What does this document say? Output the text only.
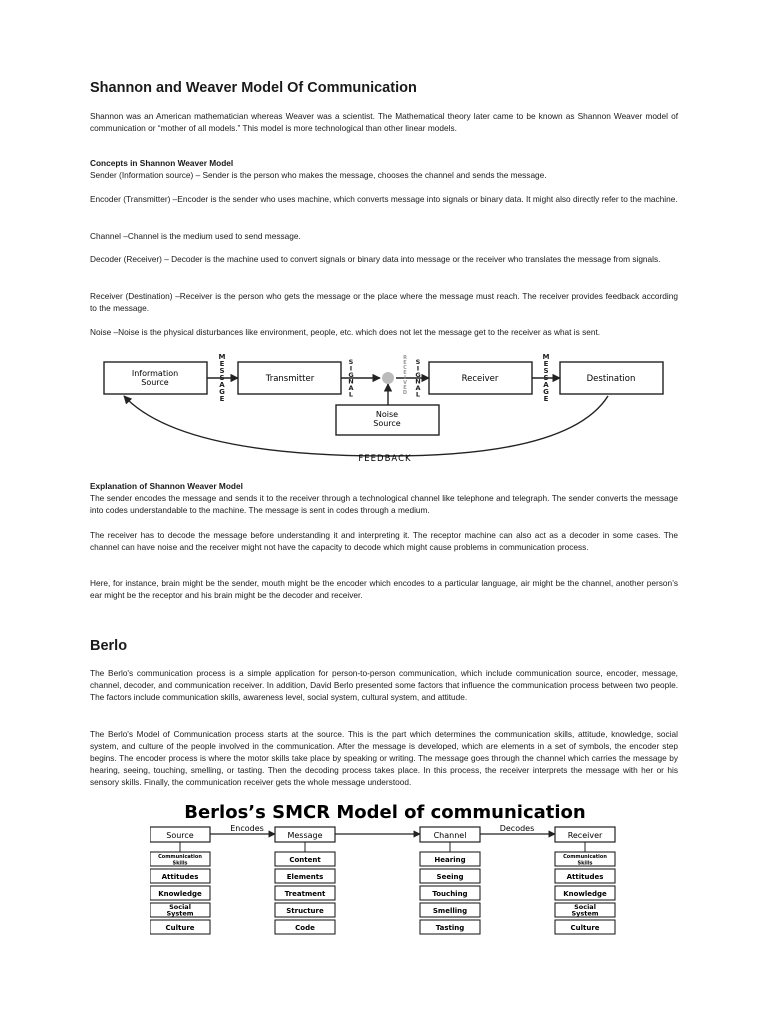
Shannon and Weaver Model Of Communication

Shannon was an American mathematician whereas Weaver was a scientist. The Mathematical theory later came to be known as Shannon Weaver model of communication or “mother of all models.” This model is more technological than other linear models.

Concepts in Shannon Weaver Model

Sender (Information source) – Sender is the person who makes the message, chooses the channel and sends the message.

Encoder (Transmitter) –Encoder is the sender who uses machine, which converts message into signals or binary data. It might also directly refer to the machine.

Channel –Channel is the medium used to send message.

Decoder (Receiver) – Decoder is the machine used to convert signals or binary data into message or the receiver who translates the message from signals.

Receiver (Destination) –Receiver is the person who gets the message or the place where the message must reach. The receiver provides feedback according to the message.

Noise –Noise is the physical disturbances like environment, people, etc. which does not let the message get to the receiver as what is sent.

Explanation of Shannon Weaver Model

The sender encodes the message and sends it to the receiver through a technological channel like telephone and telegraph. The sender converts the message into codes understandable to the machine. The message is sent in codes through a medium.

The receiver has to decode the message before understanding it and interpreting it. The receptor machine can also act as a decoder in some cases. The channel can have noise and the receiver might not have the capacity to decode which might cause problems in communication process.

Here, for instance, brain might be the sender, mouth might be the encoder which encodes to a particular language, air might be the channel, another person’s ear might be the receptor and his brain might be the decoder and receiver.

Berlo

The Berlo's communication process is a simple application for person-to-person communication, which include communication source, encoder, message, channel, decoder, and communication receiver. In addition, David Berlo presented some factors that influence the communication process between two people. The factors include communication skills, awareness level, social system, cultural system, and attitude.

The Berlo's Model of Communication process starts at the source. This is the part which determines the communication skills, attitude, knowledge, social system, and culture of the people involved in the communication. After the message is developed, which are elements in a set of symbols, the encoder step begins. The encoder process is where the motor skills take place by speaking or writing. The message goes through the channel which carries the message by hearing, seeing, touching, smelling, or tasting. Then the decoding process takes place. In this process, the receiver interprets the message with her or his sensory skills. Finally, the communication receiver gets the whole message understood.

Information
Source	Transmitter	Receiver	Destination
Noise
Source
FEEDBACK
M
E
S
S
A
G
E
S
I
G
N
A
L
R
E
C
E
I
V
E
D
S
I
G
N
A
L
M
E
S
S
A
G
E
Berlos’s SMCR Model of communication
Encodes	Decodes
Source
Communication
Skills
Attitudes
Knowledge
Social
System
Culture
Message
Content
Elements
Treatment
Structure
Code
Channel
Hearing
Seeing
Touching
Smelling
Tasting
Receiver
Communication
Skills
Attitudes
Knowledge
Social
System
Culture
